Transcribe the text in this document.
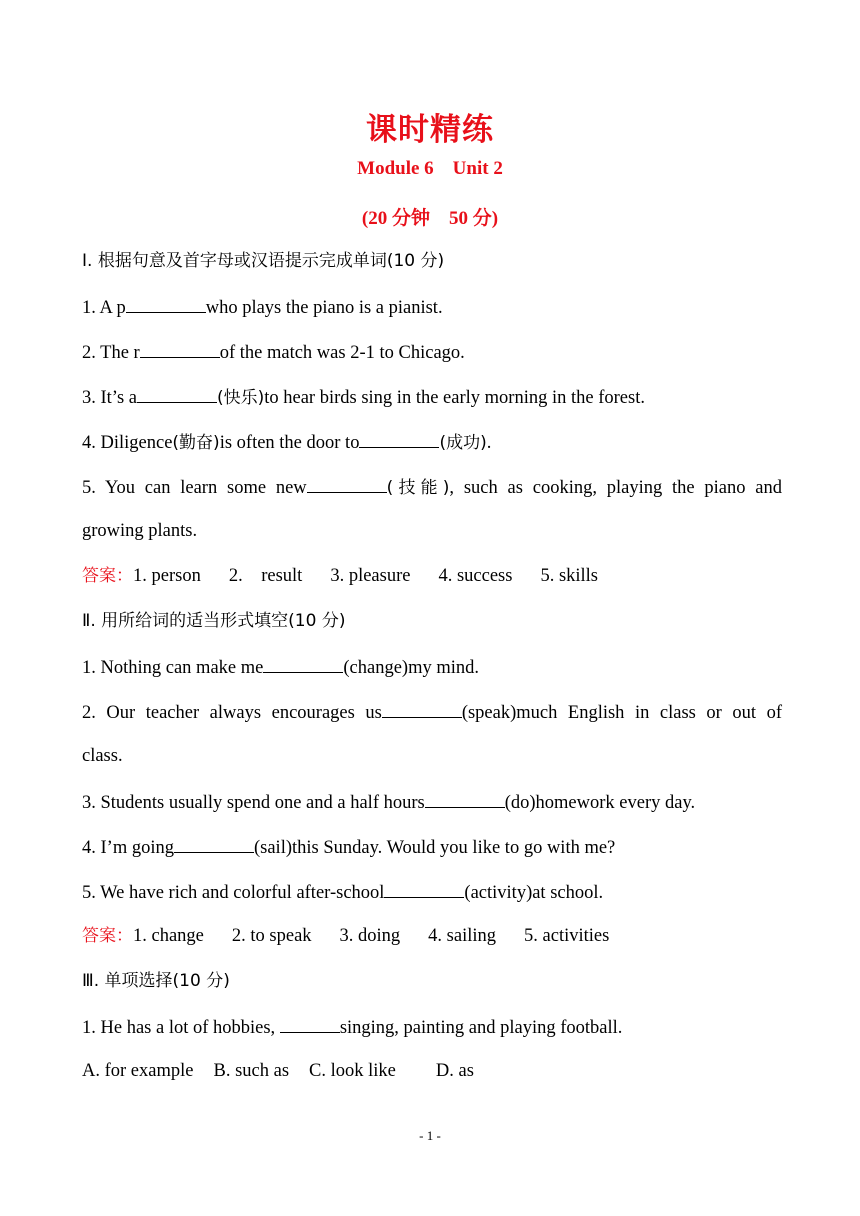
课时精练
Module 6    Unit 2
(20 分钟    50 分)
Ⅰ. 根据句意及首字母或汉语提示完成单词(10 分)
1. A p	who plays the piano is a pianist.
2. The r	of the match was 2-1 to Chicago.
3. It’s a	(快乐)to hear birds sing in the early morning in the forest.
4. Diligence(勤奋)is often the door to	(成功).
5. You can learn some new	(技能), such as cooking, playing the piano and
growing plants.
答案：1. person 2.    result 3. pleasure 4. success 5. skills
Ⅱ. 用所给词的适当形式填空(10 分)
1. Nothing can make me	(change)my mind.
2. Our teacher always encourages us	(speak)much English in class or out of
class.
3. Students usually spend one and a half hours	(do)homework every day.
4. I’m going	(sail)this Sunday. Would you like to go with me?
5. We have rich and colorful after-school	(activity)at school.
答案：1. change 2. to speak 3. doing 4. sailing 5. activities
Ⅲ. 单项选择(10 分)
1. He has a lot of hobbies,	singing, painting and playing football.
A. for example B. such as C. look like D. as
- 1 -
